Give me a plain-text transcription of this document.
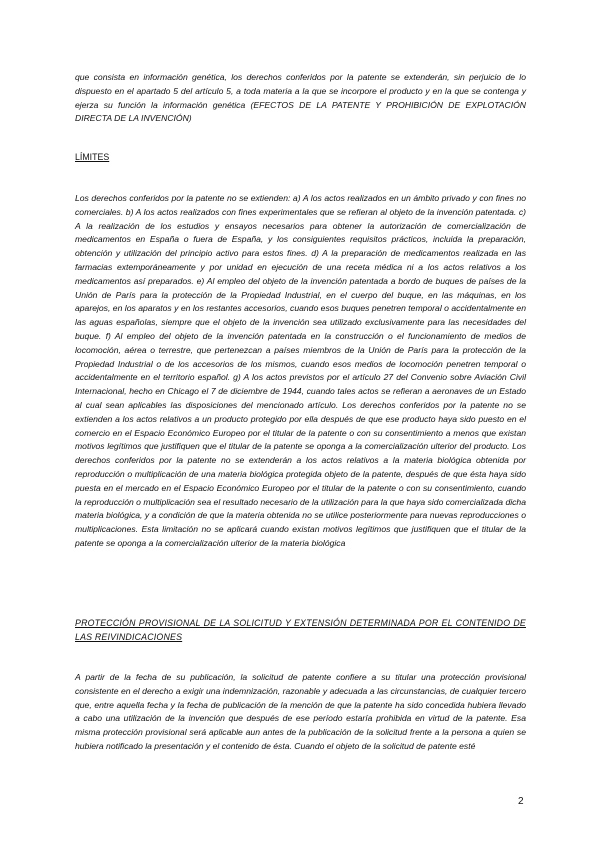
que consista en información genética, los derechos conferidos por la patente se extenderán, sin perjuicio de lo dispuesto en el apartado 5 del artículo 5, a toda materia a la que se incorpore el producto y en la que se contenga y ejerza su función la información genética (EFECTOS DE LA PATENTE Y PROHIBICIÓN DE EXPLOTACIÓN DIRECTA DE LA INVENCIÓN)

LÍMITES

Los derechos conferidos por la patente no se extienden: a) A los actos realizados en un ámbito privado y con fines no comerciales. b) A los actos realizados con fines experimentales que se refieran al objeto de la invención patentada. c) A la realización de los estudios y ensayos necesarios para obtener la autorización de comercialización de medicamentos en España o fuera de España, y los consiguientes requisitos prácticos, incluida la preparación, obtención y utilización del principio activo para estos fines. d) A la preparación de medicamentos realizada en las farmacias extemporáneamente y por unidad en ejecución de una receta médica ni a los actos relativos a los medicamentos así preparados. e) Al empleo del objeto de la invención patentada a bordo de buques de países de la Unión de París para la protección de la Propiedad Industrial, en el cuerpo del buque, en las máquinas, en los aparejos, en los aparatos y en los restantes accesorios, cuando esos buques penetren temporal o accidentalmente en las aguas españolas, siempre que el objeto de la invención sea utilizado exclusivamente para las necesidades del buque. f) Al empleo del objeto de la invención patentada en la construcción o el funcionamiento de medios de locomoción, aérea o terrestre, que pertenezcan a países miembros de la Unión de París para la protección de la Propiedad Industrial o de los accesorios de los mismos, cuando esos medios de locomoción penetren temporal o accidentalmente en el territorio español. g) A los actos previstos por el artículo 27 del Convenio sobre Aviación Civil Internacional, hecho en Chicago el 7 de diciembre de 1944, cuando tales actos se refieran a aeronaves de un Estado al cual sean aplicables las disposiciones del mencionado artículo. Los derechos conferidos por la patente no se extienden a los actos relativos a un producto protegido por ella después de que ese producto haya sido puesto en el comercio en el Espacio Económico Europeo por el titular de la patente o con su consentimiento a menos que existan motivos legítimos que justifiquen que el titular de la patente se oponga a la comercialización ulterior del producto. Los derechos conferidos por la patente no se extenderán a los actos relativos a la materia biológica obtenida por reproducción o multiplicación de una materia biológica protegida objeto de la patente, después de que ésta haya sido puesta en el mercado en el Espacio Económico Europeo por el titular de la patente o con su consentimiento, cuando la reproducción o multiplicación sea el resultado necesario de la utilización para la que haya sido comercializada dicha materia biológica, y a condición de que la materia obtenida no se utilice posteriormente para nuevas reproducciones o multiplicaciones. Esta limitación no se aplicará cuando existan motivos legítimos que justifiquen que el titular de la patente se oponga a la comercialización ulterior de la materia biológica

PROTECCIÓN PROVISIONAL DE LA SOLICITUD Y EXTENSIÓN DETERMINADA POR EL CONTENIDO DE LAS REIVINDICACIONES

A partir de la fecha de su publicación, la solicitud de patente confiere a su titular una protección provisional consistente en el derecho a exigir una indemnización, razonable y adecuada a las circunstancias, de cualquier tercero que, entre aquella fecha y la fecha de publicación de la mención de que la patente ha sido concedida hubiera llevado a cabo una utilización de la invención que después de ese período estaría prohibida en virtud de la patente. Esa misma protección provisional será aplicable aun antes de la publicación de la solicitud frente a la persona a quien se hubiera notificado la presentación y el contenido de ésta. Cuando el objeto de la solicitud de patente esté

2
